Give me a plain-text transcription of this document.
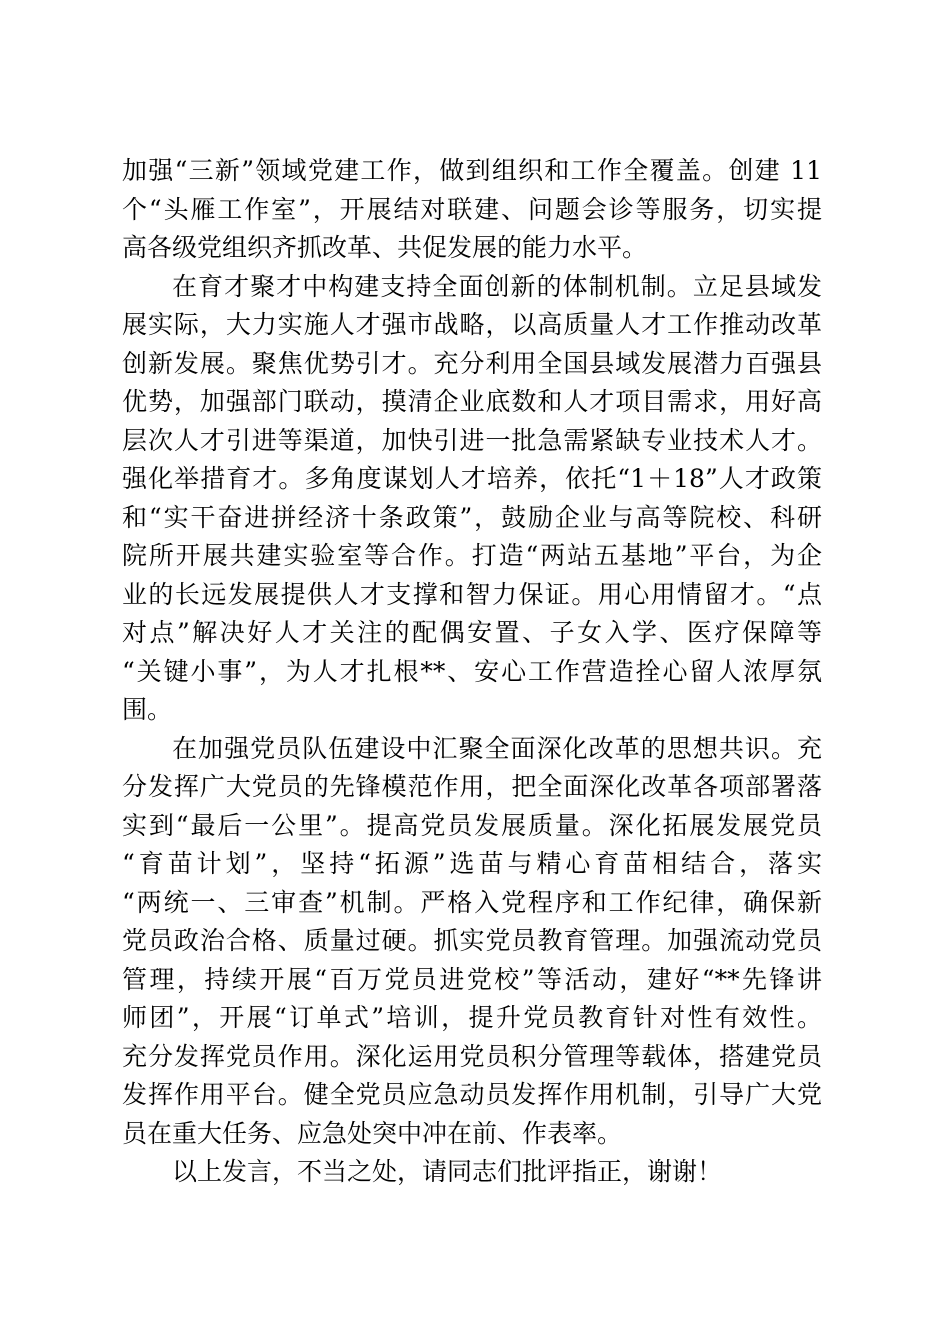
加强“三新”领域党建工作，做到组织和工作全覆盖。创建 11
个“头雁工作室”，开展结对联建、问题会诊等服务，切实提
高各级党组织齐抓改革、共促发展的能力水平。
在育才聚才中构建支持全面创新的体制机制。立足县域发
展实际，大力实施人才强市战略，以高质量人才工作推动改革
创新发展。聚焦优势引才。充分利用全国县域发展潜力百强县
优势，加强部门联动，摸清企业底数和人才项目需求，用好高
层次人才引进等渠道，加快引进一批急需紧缺专业技术人才。
强化举措育才。多角度谋划人才培养，依托“1＋18”人才政策
和“实干奋进拼经济十条政策”，鼓励企业与高等院校、科研
院所开展共建实验室等合作。打造“两站五基地”平台，为企
业的长远发展提供人才支撑和智力保证。用心用情留才。“点
对点”解决好人才关注的配偶安置、子女入学、医疗保障等
“关键小事”，为人才扎根**、安心工作营造拴心留人浓厚氛
围。
在加强党员队伍建设中汇聚全面深化改革的思想共识。充
分发挥广大党员的先锋模范作用，把全面深化改革各项部署落
实到“最后一公里”。提高党员发展质量。深化拓展发展党员
“育苗计划”，坚持“拓源”选苗与精心育苗相结合，落实
“两统一、三审查”机制。严格入党程序和工作纪律，确保新
党员政治合格、质量过硬。抓实党员教育管理。加强流动党员
管理，持续开展“百万党员进党校”等活动，建好“**先锋讲
师团”，开展“订单式”培训，提升党员教育针对性有效性。
充分发挥党员作用。深化运用党员积分管理等载体，搭建党员
发挥作用平台。健全党员应急动员发挥作用机制，引导广大党
员在重大任务、应急处突中冲在前、作表率。
以上发言，不当之处，请同志们批评指正，谢谢！
